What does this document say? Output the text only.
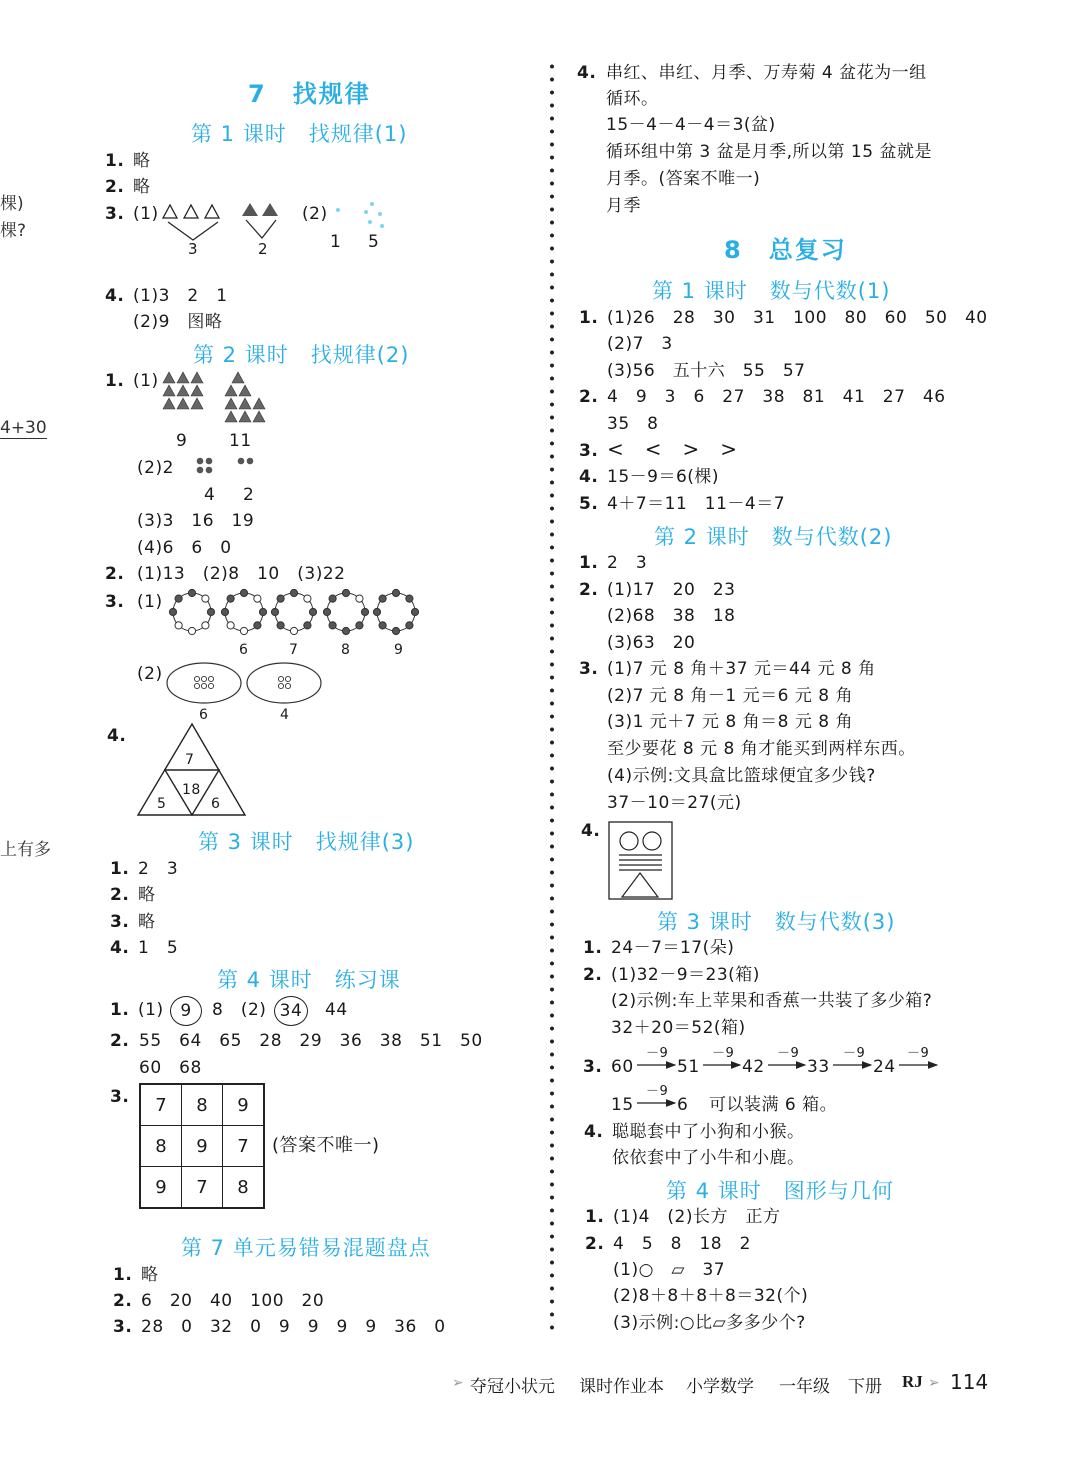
棵)
棵?
4+30
上有多
7　找规律
第 1 课时　找规律(1)
1. 略
2. 略
3. (1)
3	2
(2)
1 5
4. (1)3　2　1
(2)9　图略
第 2 课时　找规律(2)
1. (1)
9 11
(2)2
4 2
(3)3　16　19
(4)6　6　0
2. (1)13　(2)8　10　(3)22
3. (1)
6	7	8	9
(2)
6	4
4.
7
18
5	6
第 3 课时　找规律(3)
1. 2　3
2. 略
3. 略
4. 1　5
第 4 课时　练习课
1. (1) 9	8　(2) 34	44
2. 55　64　65　28　29　36　38　51　50
60　68
3. 7	8	9
8	9	7
9	7	8
(答案不唯一)
第 7 单元易错易混题盘点
1. 略
2. 6　20　40　100　20
3. 28　0　32　0　9　9　9　9　36　0
4. 串红、串红、月季、万寿菊 4 盆花为一组
循环。
15－4－4－4＝3(盆)
循环组中第 3 盆是月季,所以第 15 盆就是
月季。(答案不唯一)
月季
8　总复习
第 1 课时　数与代数(1)
1. (1)26　28　30　31　100　80　60　50　40
(2)7　3
(3)56　五十六　55　57
2. 4　9　3　6　27　38　81　41　27　46
35　8
3. <　<　>　>
4. 15－9＝6(棵)
5. 4＋7＝11　11－4＝7
第 2 课时　数与代数(2)
1. 2　3
2. (1)17　20　23
(2)68　38　18
(3)63　20
3. (1)7 元 8 角＋37 元＝44 元 8 角
(2)7 元 8 角－1 元＝6 元 8 角
(3)1 元＋7 元 8 角＝8 元 8 角
至少要花 8 元 8 角才能买到两样东西。
(4)示例:文具盒比篮球便宜多少钱?
37－10＝27(元)
4.
第 3 课时　数与代数(3)
1. 24－7＝17(朵)
2. (1)32－9＝23(箱)
(2)示例:车上苹果和香蕉一共装了多少箱?
32＋20＝52(箱)
3. 60	51 42 33	24
15	6 可以装满 6 箱。
－9	－9	－9	－9	－9
－9
4. 聪聪套中了小狗和小猴。
依依套中了小牛和小鹿。
第 4 课时　图形与几何
1. (1)4　(2)长方　正方
2. 4　5　8　18　2
(1)○　▱　37
(2)8＋8＋8＋8＝32(个)
(3)示例:○比▱多多少个?
➢ 夺冠小状元 课时作业本 小学数学 一年级 下册 RJ ➢ 114
